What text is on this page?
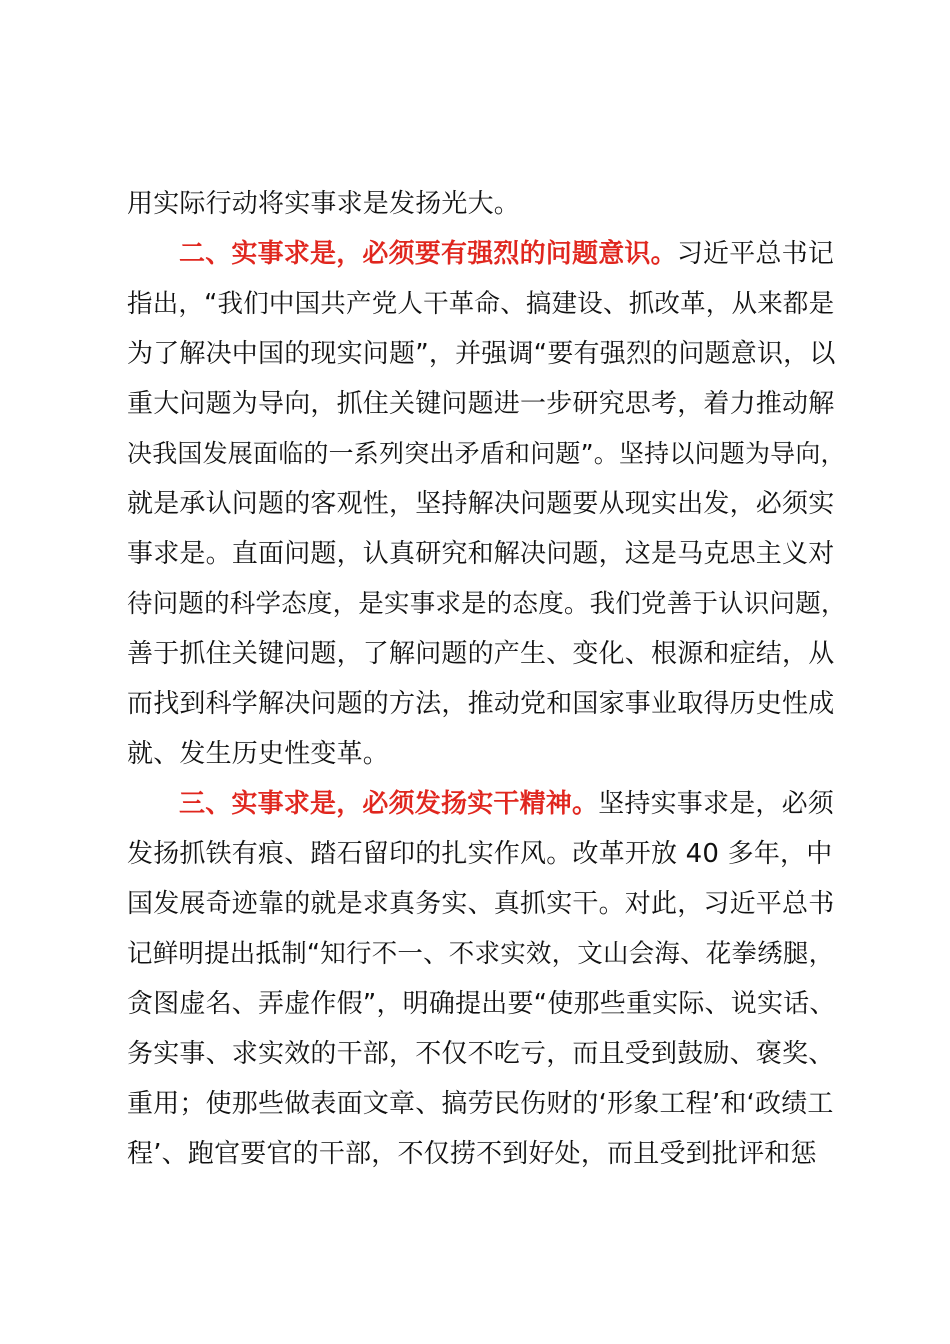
用实际行动将实事求是发扬光大。
二、实事求是，必须要有强烈的问题意识。习近平总书记
指出，“我们中国共产党人干革命、搞建设、抓改革，从来都是
为了解决中国的现实问题”，并强调“要有强烈的问题意识，以
重大问题为导向，抓住关键问题进一步研究思考，着力推动解
决我国发展面临的一系列突出矛盾和问题”。坚持以问题为导向，
就是承认问题的客观性，坚持解决问题要从现实出发，必须实
事求是。直面问题，认真研究和解决问题，这是马克思主义对
待问题的科学态度，是实事求是的态度。我们党善于认识问题，
善于抓住关键问题，了解问题的产生、变化、根源和症结，从
而找到科学解决问题的方法，推动党和国家事业取得历史性成
就、发生历史性变革。
三、实事求是，必须发扬实干精神。坚持实事求是，必须
发扬抓铁有痕、踏石留印的扎实作风。改革开放 40 多年，中
国发展奇迹靠的就是求真务实、真抓实干。对此，习近平总书
记鲜明提出抵制“知行不一、不求实效，文山会海、花拳绣腿，
贪图虚名、弄虚作假”，明确提出要“使那些重实际、说实话、
务实事、求实效的干部，不仅不吃亏，而且受到鼓励、褒奖、
重用；使那些做表面文章、搞劳民伤财的‘形象工程’和‘政绩工
程’、跑官要官的干部，不仅捞不到好处，而且受到批评和惩
